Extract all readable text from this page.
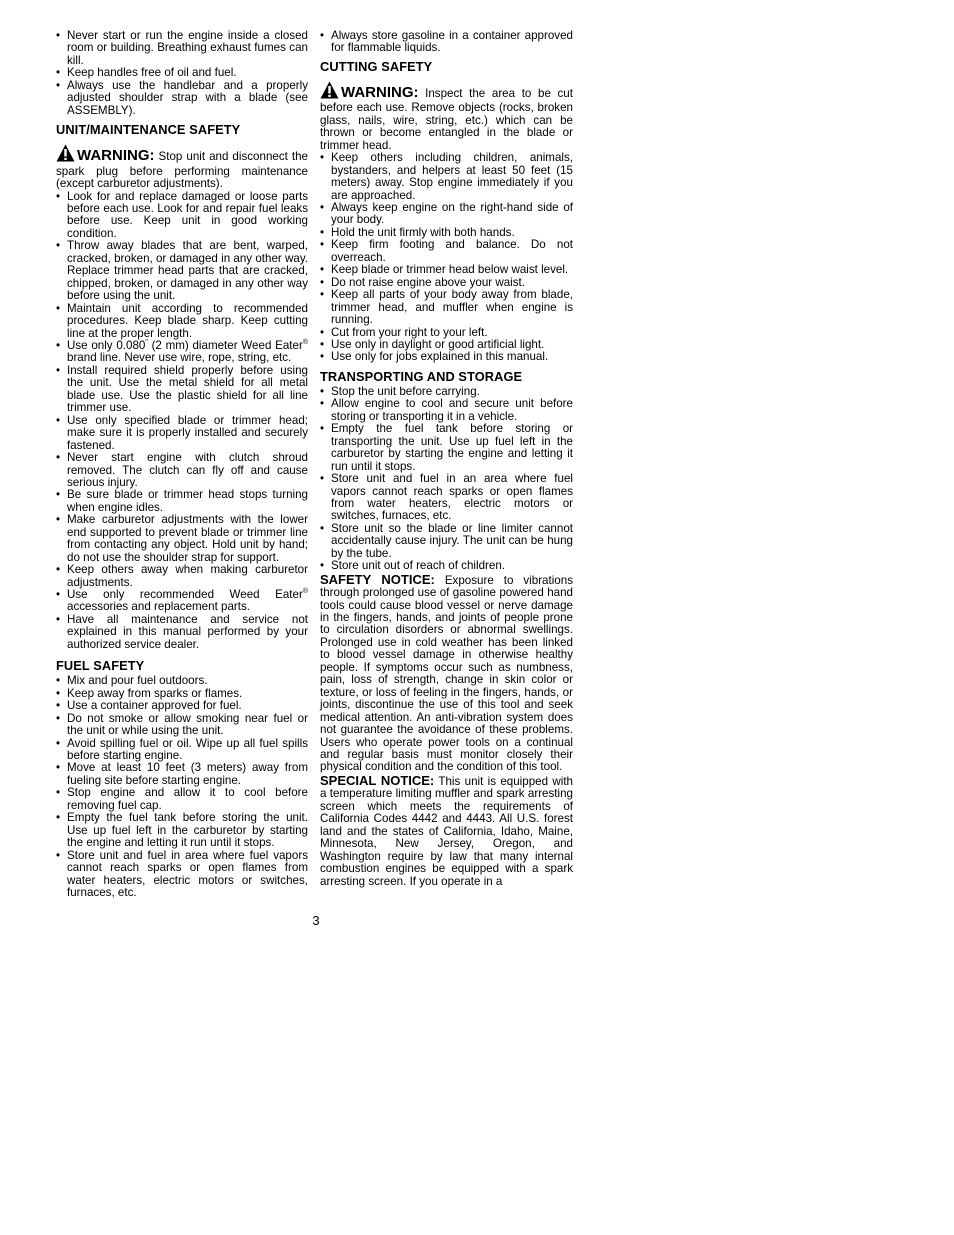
• Never start or run the engine inside a closed room or building. Breathing exhaust fumes can kill.
• Keep handles free of oil and fuel.
• Always use the handlebar and a properly adjusted shoulder strap with a blade (see ASSEMBLY).
UNIT/MAINTENANCE SAFETY
WARNING: Stop unit and disconnect the spark plug before performing maintenance (except carburetor adjustments).
• Look for and replace damaged or loose parts before each use. Look for and repair fuel leaks before use. Keep unit in good working condition.
• Throw away blades that are bent, warped, cracked, broken, or damaged in any other way. Replace trimmer head parts that are cracked, chipped, broken, or damaged in any other way before using the unit.
• Maintain unit according to recommended procedures. Keep blade sharp. Keep cutting line at the proper length.
• Use only 0.080" (2 mm) diameter Weed Eater® brand line. Never use wire, rope, string, etc.
• Install required shield properly before using the unit. Use the metal shield for all metal blade use. Use the plastic shield for all line trimmer use.
• Use only specified blade or trimmer head; make sure it is properly installed and securely fastened.
• Never start engine with clutch shroud removed. The clutch can fly off and cause serious injury.
• Be sure blade or trimmer head stops turning when engine idles.
• Make carburetor adjustments with the lower end supported to prevent blade or trimmer line from contacting any object. Hold unit by hand; do not use the shoulder strap for support.
• Keep others away when making carburetor adjustments.
• Use only recommended Weed Eater® accessories and replacement parts.
• Have all maintenance and service not explained in this manual performed by your authorized service dealer.
FUEL SAFETY
• Mix and pour fuel outdoors.
• Keep away from sparks or flames.
• Use a container approved for fuel.
• Do not smoke or allow smoking near fuel or the unit or while using the unit.
• Avoid spilling fuel or oil. Wipe up all fuel spills before starting engine.
• Move at least 10 feet (3 meters) away from fueling site before starting engine.
• Stop engine and allow it to cool before removing fuel cap.
• Empty the fuel tank before storing the unit. Use up fuel left in the carburetor by starting the engine and letting it run until it stops.
• Store unit and fuel in area where fuel vapors cannot reach sparks or open flames from water heaters, electric motors or switches, furnaces, etc.
• Always store gasoline in a container approved for flammable liquids.
CUTTING SAFETY
WARNING: Inspect the area to be cut before each use. Remove objects (rocks, broken glass, nails, wire, string, etc.) which can be thrown or become entangled in the blade or trimmer head.
• Keep others including children, animals, bystanders, and helpers at least 50 feet (15 meters) away. Stop engine immediately if you are approached.
• Always keep engine on the right-hand side of your body.
• Hold the unit firmly with both hands.
• Keep firm footing and balance. Do not overreach.
• Keep blade or trimmer head below waist level.
• Do not raise engine above your waist.
• Keep all parts of your body away from blade, trimmer head, and muffler when engine is running.
• Cut from your right to your left.
• Use only in daylight or good artificial light.
• Use only for jobs explained in this manual.
TRANSPORTING AND STORAGE
• Stop the unit before carrying.
• Allow engine to cool and secure unit before storing or transporting it in a vehicle.
• Empty the fuel tank before storing or transporting the unit. Use up fuel left in the carburetor by starting the engine and letting it run until it stops.
• Store unit and fuel in an area where fuel vapors cannot reach sparks or open flames from water heaters, electric motors or switches, furnaces, etc.
• Store unit so the blade or line limiter cannot accidentally cause injury. The unit can be hung by the tube.
• Store unit out of reach of children.
SAFETY NOTICE: Exposure to vibrations through prolonged use of gasoline powered hand tools could cause blood vessel or nerve damage in the fingers, hands, and joints of people prone to circulation disorders or abnormal swellings. Prolonged use in cold weather has been linked to blood vessel damage in otherwise healthy people. If symptoms occur such as numbness, pain, loss of strength, change in skin color or texture, or loss of feeling in the fingers, hands, or joints, discontinue the use of this tool and seek medical attention. An anti-vibration system does not guarantee the avoidance of these problems. Users who operate power tools on a continual and regular basis must monitor closely their physical condition and the condition of this tool.
SPECIAL NOTICE: This unit is equipped with a temperature limiting muffler and spark arresting screen which meets the requirements of California Codes 4442 and 4443. All U.S. forest land and the states of California, Idaho, Maine, Minnesota, New Jersey, Oregon, and Washington require by law that many internal combustion engines be equipped with a spark arresting screen. If you operate in a
3
